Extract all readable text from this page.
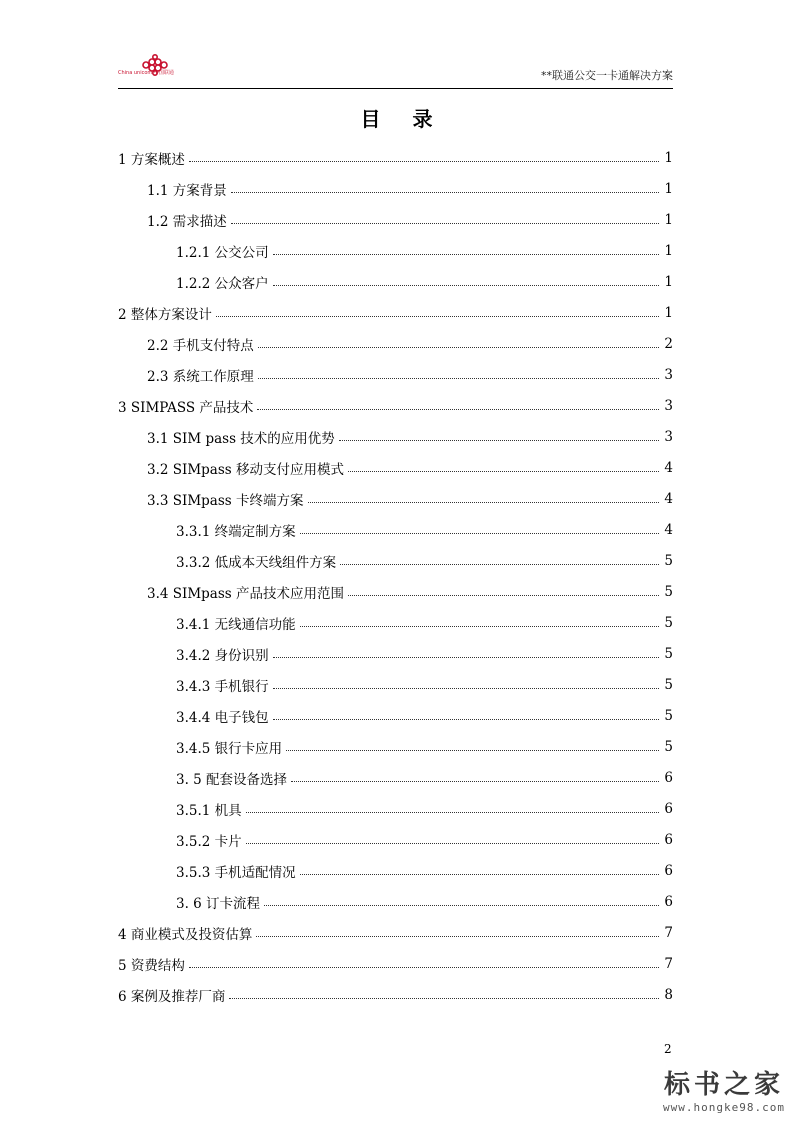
China unicom 中国联通	**联通公交一卡通解决方案
目录
1 方案概述	1
1.1 方案背景	1
1.2 需求描述	1
1.2.1 公交公司	1
1.2.2 公众客户	1
2 整体方案设计	1
2.2 手机支付特点	2
2.3 系统工作原理	3
3 SIMPASS 产品技术	3
3.1 SIM pass 技术的应用优势	3
3.2 SIMpass 移动支付应用模式	4
3.3 SIMpass 卡终端方案	4
3.3.1 终端定制方案	4
3.3.2 低成本天线组件方案	5
3.4 SIMpass 产品技术应用范围	5
3.4.1 无线通信功能	5
3.4.2 身份识别	5
3.4.3 手机银行	5
3.4.4 电子钱包	5
3.4.5 银行卡应用	5
3. 5 配套设备选择	6
3.5.1 机具	6
3.5.2 卡片	6
3.5.3 手机适配情况	6
3. 6 订卡流程	6
4 商业模式及投资估算	7
5 资费结构	7
6 案例及推荐厂商	8
2
标书之家
www.hongke98.com
